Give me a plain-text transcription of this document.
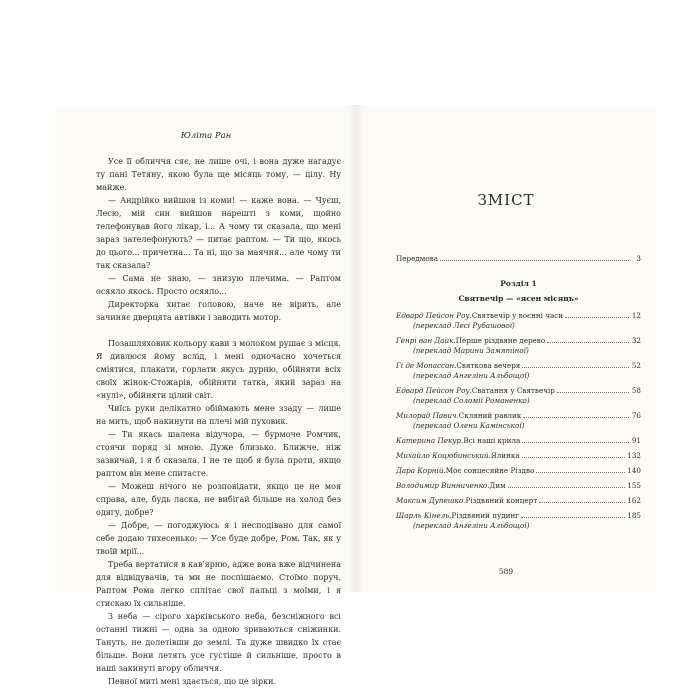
Юліта Ран

Усе її обличчя сяє, не лише очі, і вона дуже нагадує ту пані Тетяну, якою була ще місяць тому, — цілу. Ну майже.

— Андрійко вийшов із коми! — каже вона. — Чуєш, Лесю, мій син вийшов нарешті з коми, щойно телефонував його лікар, і... А чому ти сказала, що мені зараз зателефонують? — питає раптом. — Ти що, якось до цього... причетна... Та ні, що за маячня... але чому ти так сказала?

— Сама не знаю, — знизую плечима. — Раптом осяяло якось. Просто осяяло...

Директорка хитає головою, наче не вірить, але зачиняє дверцята автівки і заводить мотор.

Позашляховик кольору кави з молоком рушає з місця. Я дивлюся йому вслід, і мені одночасно хочеться сміятися, плакати, горлати якусь дурню, обійняти всіх своїх жінок-Стожарів, обійняти татка, який зараз на «нулі», обійняти цілий світ.

Чиїсь руки делікатно обіймають мене ззаду — лише на мить, щоб накинути на плечі мій пуховик.

— Ти якась шалена відучора, — бурмоче Ромчик, стоячи поряд зі мною. Дуже близько. Ближче, ніж зазвичай, і я б сказала. І не те щоб я була проти, якщо раптом він мене спитасте.

— Можеш нічого не розповідати, якщо це не моя справа, але, будь ласка, не вибігай більше на холод без одягу, добре?

— Добре, — погоджуюсь я і несподівано для самої себе додаю тихесенько: — Усе буде добре, Ром. Так, як у твоїй мрії...

Треба вертатися в кав'ярню, адже вона вже відчинена для відвідувачів, та ми не поспішаємо. Стоїмо поруч. Раптом Рома легко сплітає свої пальці з моїми, і я стискаю їх сильніше.

З неба — сірого харківського неба, безсніжного всі останні тижні — одна за одною зриваються сніжинки. Тануть, не долетівши до землі. Та дуже швидко їх стає більше. Вони летять усе густіше й сильніше, просто в наші закинуті вгору обличчя.

Певної миті мені здається, що це зірки.

ЗМІСТ
Передмова	3
Розділ 1
Святвечір — «ясен місяць»
Едвард Пейсон Роу. Святвечір у воєнні часи	12
(переклад Лесі Рубашової)
Генрі ван Дайк. Перше різдвяне дерево	32
(переклад Марини Замятіної)
Гі де Мопассан. Святкова вечеря	52
(переклад Ангеліни Альбощої)
Едвард Пейсон Роу. Сватання у Святвечір	58
(переклад Соломії Романенко)
Милорад Павич. Скляний равлик	76
(переклад Олени Камінської)
Катерина Пекур. Всі наші крила	91
Михайло Коцюбинський. Ялинка	132
Дара Корній. Моє сонцесяйне Різдво	140
Володимир Винниченко. Дим	155
Максим Дупешко. Різдвяний концерт	162
Шарль Кінель. Різдвяний пудинг	185
(переклад Ангеліни Альбощої)
589
